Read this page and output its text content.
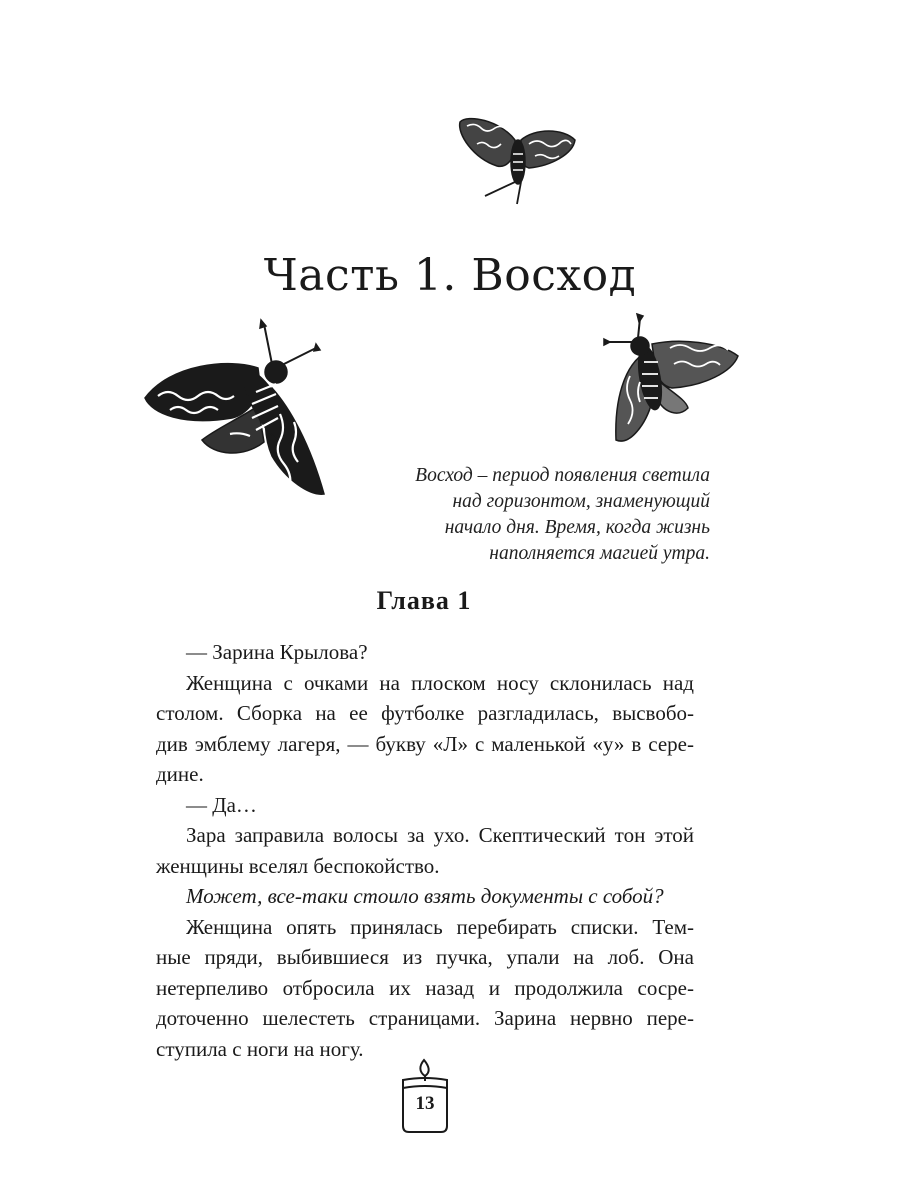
Часть 1. Восход
Восход – период появления светила
над горизонтом, знаменующий
начало дня. Время, когда жизнь
наполняется магией утра.
Глава 1
— Зарина Крылова?
Женщина с очками на плоском носу склонилась над
столом. Сборка на ее футболке разгладилась, высвобо-
див эмблему лагеря, — букву «Л» с маленькой «у» в сере-
дине.
— Да…
Зара заправила волосы за ухо. Скептический тон этой
женщины вселял беспокойство.
Может, все-таки стоило взять документы с собой?
Женщина опять принялась перебирать списки. Тем-
ные пряди, выбившиеся из пучка, упали на лоб. Она
нетерпеливо отбросила их назад и продолжила сосре-
доточенно шелестеть страницами. Зарина нервно пере-
ступила с ноги на ногу.
13
